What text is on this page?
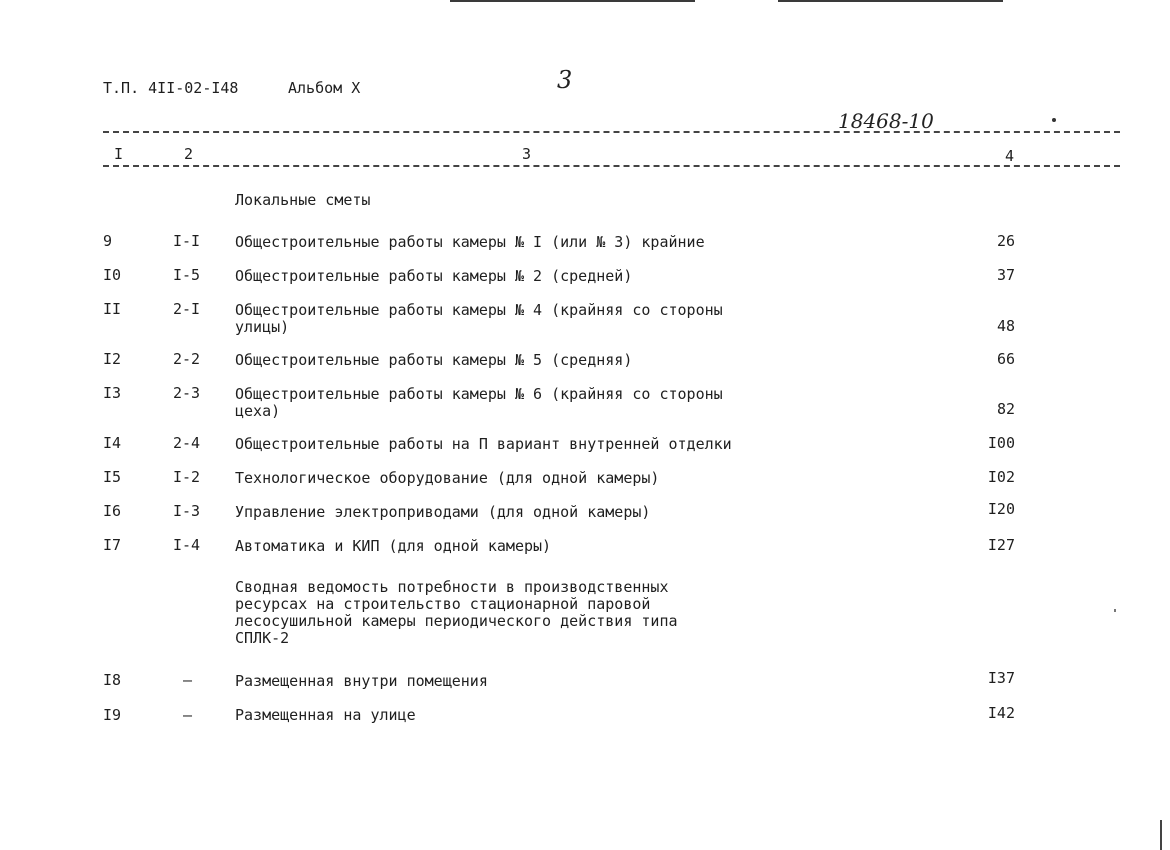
Т.П. 4II-02-I48	Альбом X	3
18468-10
I	2	3	4
Локальные сметы
9	I-I	Общестроительные работы камеры № I (или № 3) крайние	26
I0	I-5	Общестроительные работы камеры № 2 (средней)	37
II	2-I	Общестроительные работы камеры № 4 (крайняя со стороны
улицы)	48
I2	2-2	Общестроительные работы камеры № 5 (средняя)	66
I3	2-3	Общестроительные работы камеры № 6 (крайняя со стороны
цеха)	82
I4	2-4	Общестроительные работы на П вариант внутренней отделки	I00
I5	I-2	Технологическое оборудование (для одной камеры)	I02
I6	I-3	Управление электроприводами (для одной камеры)	I20
I7	I-4	Автоматика и КИП (для одной камеры)	I27
Сводная ведомость потребности в производственных
ресурсах на строительство стационарной паровой
лесосушильной камеры периодического действия типа
СПЛК-2
I8	–	Размещенная внутри помещения	I37
I9	–	Размещенная на улице	I42
